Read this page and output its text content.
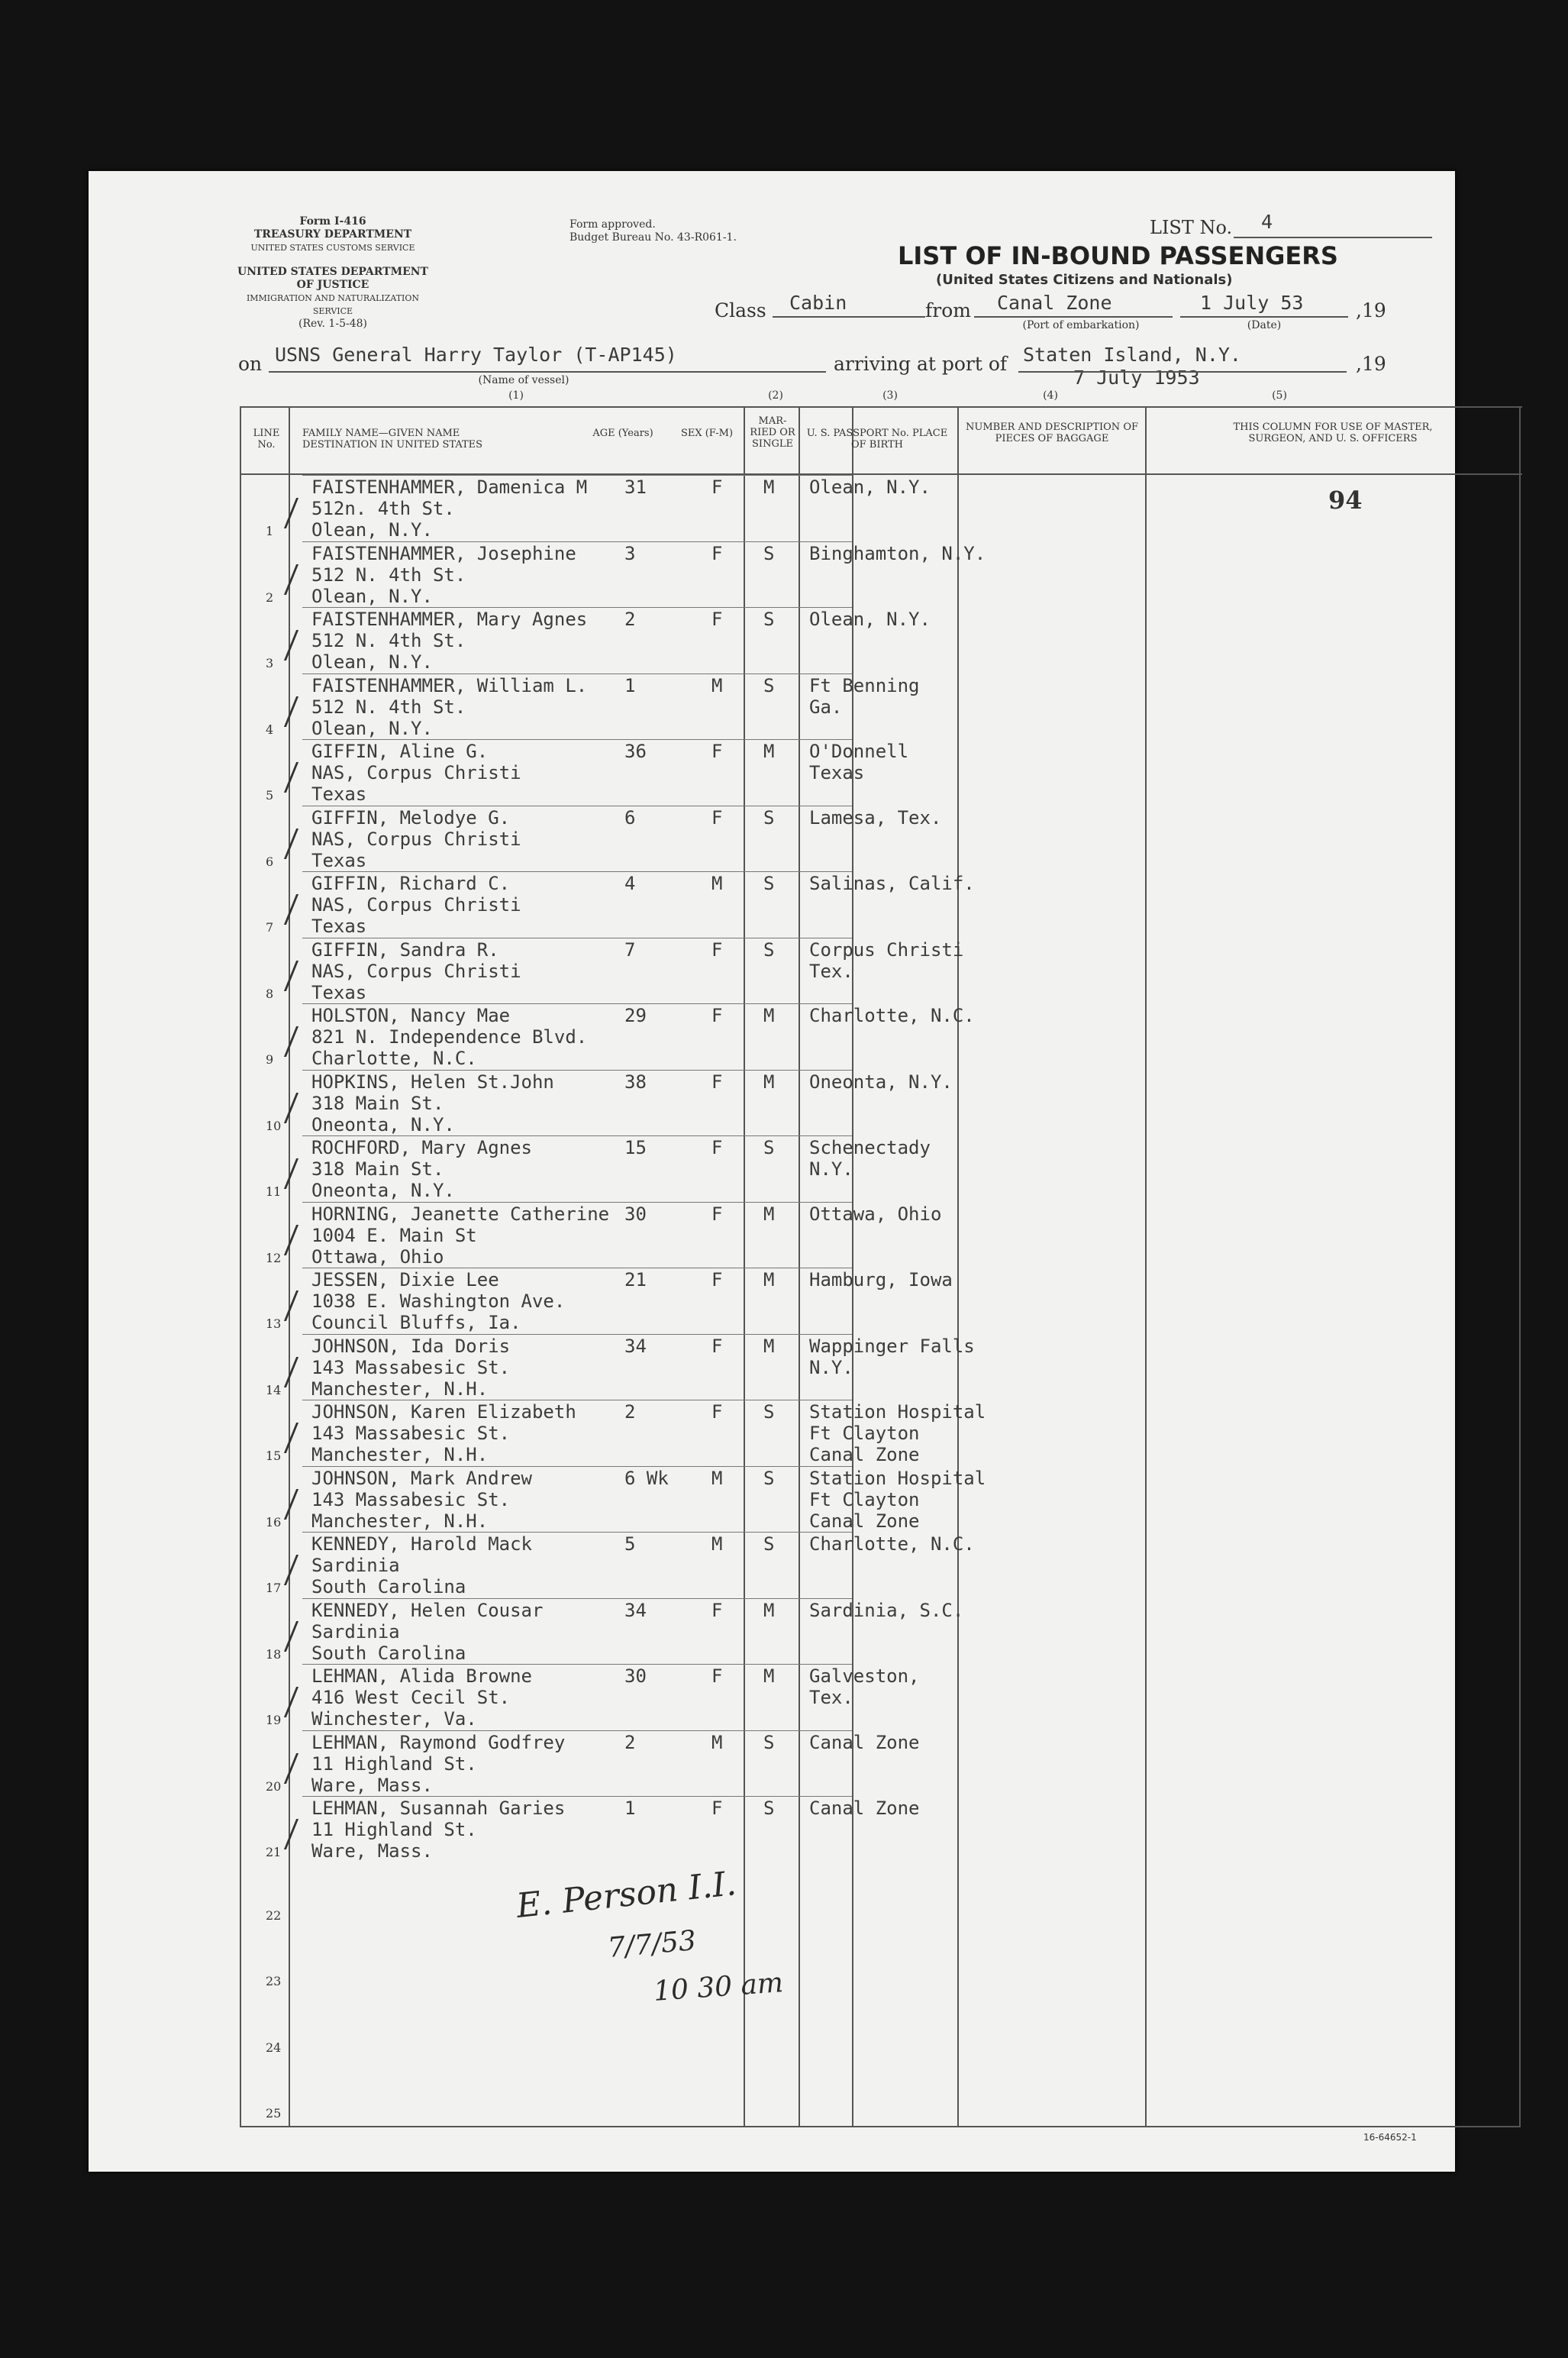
Form I-416
TREASURY DEPARTMENT
UNITED STATES CUSTOMS SERVICE
UNITED STATES DEPARTMENT OF JUSTICE
IMMIGRATION AND NATURALIZATION SERVICE
(Rev. 1-5-48)
Form approved.
Budget Bureau No. 43-R061-1.
LIST OF IN-BOUND PASSENGERS
(United States Citizens and Nationals)
LIST No. 4
Class Cabin	from Canal Zone
(Port of embarkation)
1 July 53
(Date)
,19
on USNS General Harry Taylor (T-AP145)
(Name of vessel)
arriving at port of Staten Island, N.Y.
7 July 1953
,19
(1)	(2)	(3)	(4)	(5)
LINE No.
FAMILY NAME—GIVEN NAME DESTINATION IN UNITED STATES
AGE (Years)	SEX (F-M)
MAR- RIED OR SINGLE
U. S. PASSPORT No. PLACE OF BIRTH
NUMBER AND DESCRIPTION OF PIECES OF BAGGAGE
THIS COLUMN FOR USE OF MASTER, SURGEON, AND U. S. OFFICERS
94
1
FAISTENHAMMER, Damenica M
512n. 4th St.
Olean, N.Y.
31	F M Olean, N.Y.
2
FAISTENHAMMER, Josephine
512 N. 4th St.
Olean, N.Y.
3	F S Binghamton, N.Y.
3
FAISTENHAMMER, Mary Agnes
512 N. 4th St.
Olean, N.Y.
2	F S Olean, N.Y.
4
FAISTENHAMMER, William L.
512 N. 4th St.
Olean, N.Y.
1	M S Ft Benning
Ga.
5
GIFFIN, Aline G.
NAS, Corpus Christi
Texas
36	F M O'Donnell
Texas
6
GIFFIN, Melodye G.
NAS, Corpus Christi
Texas
6	F S Lamesa, Tex.
7
GIFFIN, Richard C.
NAS, Corpus Christi
Texas
4	M S Salinas, Calif.
8
GIFFIN, Sandra R.
NAS, Corpus Christi
Texas
7	F S Corpus Christi
Tex.
9
HOLSTON, Nancy Mae
821 N. Independence Blvd.
Charlotte, N.C.
29	F M Charlotte, N.C.
10
HOPKINS, Helen St.John
318 Main St.
Oneonta, N.Y.
38	F M Oneonta, N.Y.
11
ROCHFORD, Mary Agnes
318 Main St.
Oneonta, N.Y.
15	F S Schenectady
N.Y.
12
HORNING, Jeanette Catherine
1004 E. Main St
Ottawa, Ohio
30	F M Ottawa, Ohio
13
JESSEN, Dixie Lee
1038 E. Washington Ave.
Council Bluffs, Ia.
21	F M Hamburg, Iowa
14
JOHNSON, Ida Doris
143 Massabesic St.
Manchester, N.H.
34	F M Wappinger Falls
N.Y.
15
JOHNSON, Karen Elizabeth
143 Massabesic St.
Manchester, N.H.
2	F S Station Hospital
Ft Clayton
Canal Zone
16
JOHNSON, Mark Andrew
143 Massabesic St.
Manchester, N.H.
6 Wk M S Station Hospital
Ft Clayton
Canal Zone
17
KENNEDY, Harold Mack
Sardinia
South Carolina
5	M S Charlotte, N.C.
18
KENNEDY, Helen Cousar
Sardinia
South Carolina
34	F M Sardinia, S.C.
19
LEHMAN, Alida Browne
416 West Cecil St.
Winchester, Va.
30	F M Galveston,
Tex.
20
LEHMAN, Raymond Godfrey
11 Highland St.
Ware, Mass.
2	M S Canal Zone
21
LEHMAN, Susannah Garies
11 Highland St.
Ware, Mass.
1	F S Canal Zone
22
23
24
25
E. Person I.I.
7/7/53
10 30 am
16-64652-1
